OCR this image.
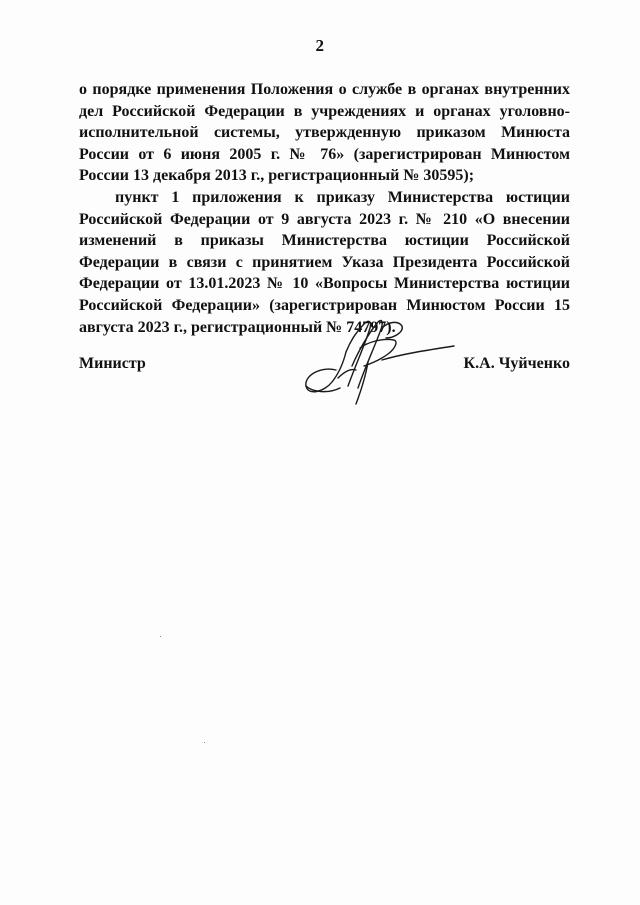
2

о порядке применения Положения о службе в органах внутренних дел Российской Федерации в учреждениях и органах уголовно-исполнительной системы, утвержденную приказом Минюста России от 6 июня 2005 г. № 76» (зарегистрирован Минюстом России 13 декабря 2013 г., регистрационный № 30595);

пункт 1 приложения к приказу Министерства юстиции Российской Федерации от 9 августа 2023 г. № 210 «О внесении изменений в приказы Министерства юстиции Российской Федерации в связи с принятием Указа Президента Российской Федерации от 13.01.2023 № 10 «Вопросы Министерства юстиции Российской Федерации» (зарегистрирован Минюстом России 15 августа 2023 г., регистрационный № 74797).

Министр	К.А. Чуйченко
